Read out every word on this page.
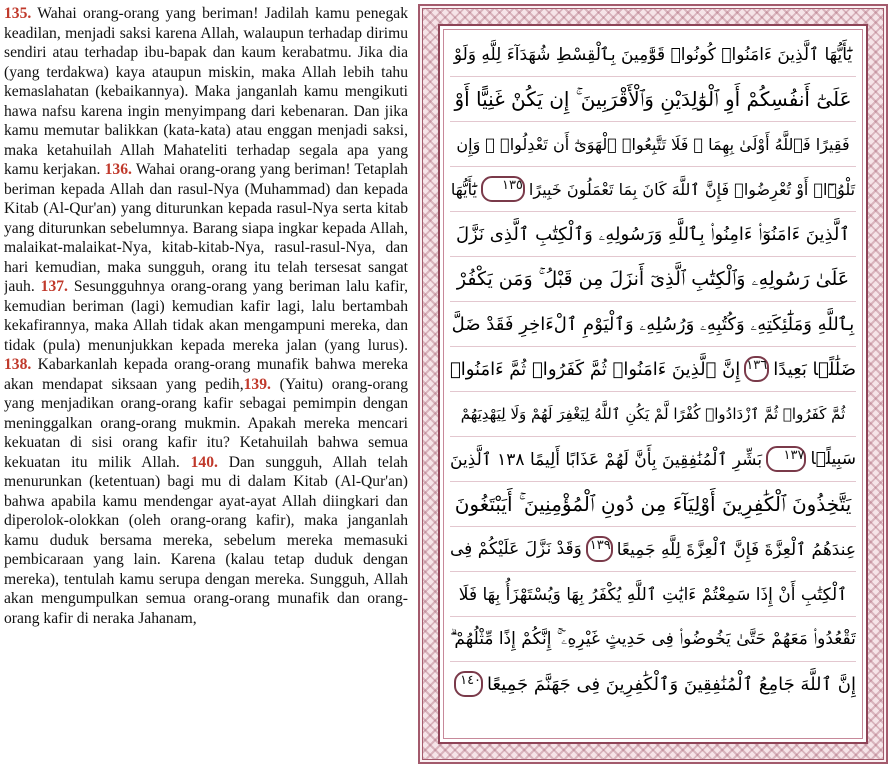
135. Wahai orang-orang yang beriman! Jadilah kamu penegak keadilan, menjadi saksi karena Allah, walaupun terhadap dirimu sendiri atau terhadap ibu-bapak dan kaum kerabatmu. Jika dia (yang terdakwa) kaya ataupun miskin, maka Allah lebih tahu kemaslahatan (kebaikannya). Maka janganlah kamu mengikuti hawa nafsu karena ingin menyimpang dari kebenaran. Dan jika kamu memutar balikkan (kata-kata) atau enggan menjadi saksi, maka ketahuilah Allah Mahateliti terhadap segala apa yang kamu kerjakan. 136. Wahai orang-orang yang beriman! Tetaplah beriman kepada Allah dan rasul-Nya (Muhammad) dan kepada Kitab (Al-Qur'an) yang diturunkan kepada rasul-Nya serta kitab yang diturunkan sebelumnya. Barang siapa ingkar kepada Allah, malaikat-malaikat-Nya, kitab-kitab-Nya, rasul-rasul-Nya, dan hari kemudian, maka sungguh, orang itu telah tersesat sangat jauh. 137. Sesungguhnya orang-orang yang beriman lalu kafir, kemudian beriman (lagi) kemudian kafir lagi, lalu bertambah kekafirannya, maka Allah tidak akan mengampuni mereka, dan tidak (pula) menunjukkan kepada mereka jalan (yang lurus). 138. Kabarkanlah kepada orang-orang munafik bahwa mereka akan mendapat siksaan yang pedih,139. (Yaitu) orang-orang yang menjadikan orang-orang kafir sebagai pemimpin dengan meninggalkan orang-orang mukmin. Apakah mereka mencari kekuatan di sisi orang kafir itu? Ketahuilah bahwa semua kekuatan itu milik Allah. 140. Dan sungguh, Allah telah menurunkan (ketentuan) bagi mu di dalam Kitab (Al-Qur'an) bahwa apabila kamu mendengar ayat-ayat Allah diingkari dan diperolok-olokkan (oleh orang-orang kafir), maka janganlah kamu duduk bersama mereka, sebelum mereka memasuki pembicaraan yang lain. Karena (kalau tetap duduk dengan mereka), tentulah kamu serupa dengan mereka. Sungguh, Allah akan mengumpulkan semua orang-orang munafik dan orang-orang kafir di neraka Jahanam,

يَٰٓأَيُّهَا ٱلَّذِينَ ءَامَنُوا۟ كُونُوا۟ قَوَّٰمِينَ بِٱلْقِسْطِ شُهَدَآءَ لِلَّهِ وَلَوْ
عَلَىٰٓ أَنفُسِكُمْ أَوِ ٱلْوَٰلِدَيْنِ وَٱلْأَقْرَبِينَ ۚ إِن يَكُنْ غَنِيًّا أَوْ
فَقِيرًا فَٱللَّهُ أَوْلَىٰ بِهِمَا ۖ فَلَا تَتَّبِعُوا۟ ٱلْهَوَىٰٓ أَن تَعْدِلُوا۟ ۚ وَإِن
تَلْوُۥٓا۟ أَوْ تُعْرِضُوا۟ فَإِنَّ ٱللَّهَ كَانَ بِمَا تَعْمَلُونَ خَبِيرًا
١٣٥
يَٰٓأَيُّهَا
ٱلَّذِينَ ءَامَنُوٓا۟ ءَامِنُوا۟ بِٱللَّهِ وَرَسُولِهِۦ وَٱلْكِتَٰبِ ٱلَّذِى نَزَّلَ
عَلَىٰ رَسُولِهِۦ وَٱلْكِتَٰبِ ٱلَّذِىٓ أَنزَلَ مِن قَبْلُ ۚ وَمَن يَكْفُرْ
بِٱللَّهِ وَمَلَٰٓئِكَتِهِۦ وَكُتُبِهِۦ وَرُسُلِهِۦ وَٱلْيَوْمِ ٱلْءَاخِرِ فَقَدْ ضَلَّ
ضَلَٰلًۢا بَعِيدًا
١٣٦
إِنَّ ٱلَّذِينَ ءَامَنُوا۟ ثُمَّ كَفَرُوا۟ ثُمَّ ءَامَنُوا۟
ثُمَّ كَفَرُوا۟ ثُمَّ ٱزْدَادُوا۟ كُفْرًا لَّمْ يَكُنِ ٱللَّهُ لِيَغْفِرَ لَهُمْ وَلَا لِيَهْدِيَهُمْ
سَبِيلًۢا
١٣٧
بَشِّرِ ٱلْمُنَٰفِقِينَ بِأَنَّ لَهُمْ عَذَابًا أَلِيمًا ١٣٨ ٱلَّذِينَ
يَتَّخِذُونَ ٱلْكَٰفِرِينَ أَوْلِيَآءَ مِن دُونِ ٱلْمُؤْمِنِينَ ۚ أَيَبْتَغُونَ
عِندَهُمُ ٱلْعِزَّةَ فَإِنَّ ٱلْعِزَّةَ لِلَّهِ جَمِيعًا
١٣٩
وَقَدْ نَزَّلَ عَلَيْكُمْ فِى
ٱلْكِتَٰبِ أَنْ إِذَا سَمِعْتُمْ ءَايَٰتِ ٱللَّهِ يُكْفَرُ بِهَا وَيُسْتَهْزَأُ بِهَا فَلَا
تَقْعُدُوا۟ مَعَهُمْ حَتَّىٰ يَخُوضُوا۟ فِى حَدِيثٍ غَيْرِهِۦٓ ۚ إِنَّكُمْ إِذًا مِّثْلُهُمْ ۗ
إِنَّ ٱللَّهَ جَامِعُ ٱلْمُنَٰفِقِينَ وَٱلْكَٰفِرِينَ فِى جَهَنَّمَ جَمِيعًا
١٤٠
